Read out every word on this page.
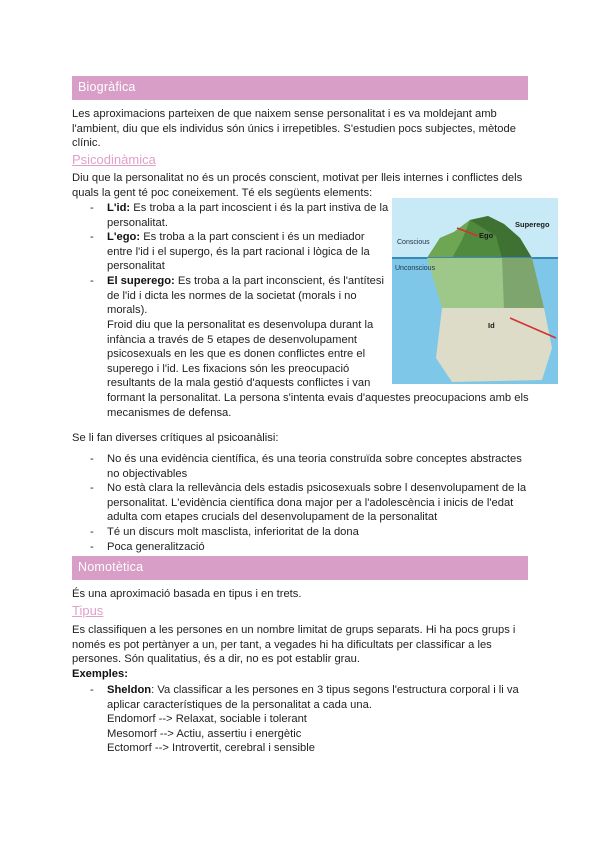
Biogràfica

Les aproximacions parteixen de que naixem sense personalitat i es va moldejant amb
l'ambient, diu que els individus són únics i irrepetibles. S'estudien pocs subjectes, mètode
clínic.

Psicodinàmica

Diu que la personalitat no és un procés conscient, motivat per lleis internes i conflictes dels
quals la gent té poc coneixement. Té els següents elements:

- L'id: Es troba a la part incoscient i és la part instiva de la
personalitat.

- L'ego: Es troba a la part conscient i és un mediador
entre l'id i el supergo, és la part racional i lògica de la
personalitat

- El superego: Es troba a la part inconscient, és l'antítesi
de l'id i dicta les normes de la societat (morals i no
morals).

Froid diu que la personalitat es desenvolupa durant la
infància a través de 5 etapes de desenvolupament
psicosexuals en les que es donen conflictes entre el
superego i l'id. Les fixacions són les preocupació
resultants de la mala gestió d'aquests conflictes i van
formant la personalitat. La persona s'intenta evais d'aquestes preocupacions amb els
mecanismes de defensa.

Ego
Superego
Conscious
Unconscious
Id

Se li fan diverses crítiques al psicoanàlisi:

- No és una evidència científica, és una teoria construïda sobre conceptes abstractes
no objectivables

- No està clara la rellevància dels estadis psicosexuals sobre l desenvolupament de la
personalitat. L'evidència científica dona major per a l'adolescència i inicis de l'edat
adulta com etapes crucials del desenvolupament de la personalitat

- Té un discurs molt masclista, inferioritat de la dona

- Poca generalització

Nomotètica

És una aproximació basada en tipus i en trets.

Tipus

Es classifiquen a les persones en un nombre limitat de grups separats. Hi ha pocs grups i
només es pot pertànyer a un, per tant, a vegades hi ha dificultats per classificar a les
persones. Són qualitatius, és a dir, no es pot establir grau.

Exemples:

- Sheldon: Va classificar a les persones en 3 tipus segons l'estructura corporal i li va
aplicar característiques de la personalitat a cada una.
Endomorf --> Relaxat, sociable i tolerant
Mesomorf --> Actiu, assertiu i energètic
Ectomorf --> Introvertit, cerebral i sensible
